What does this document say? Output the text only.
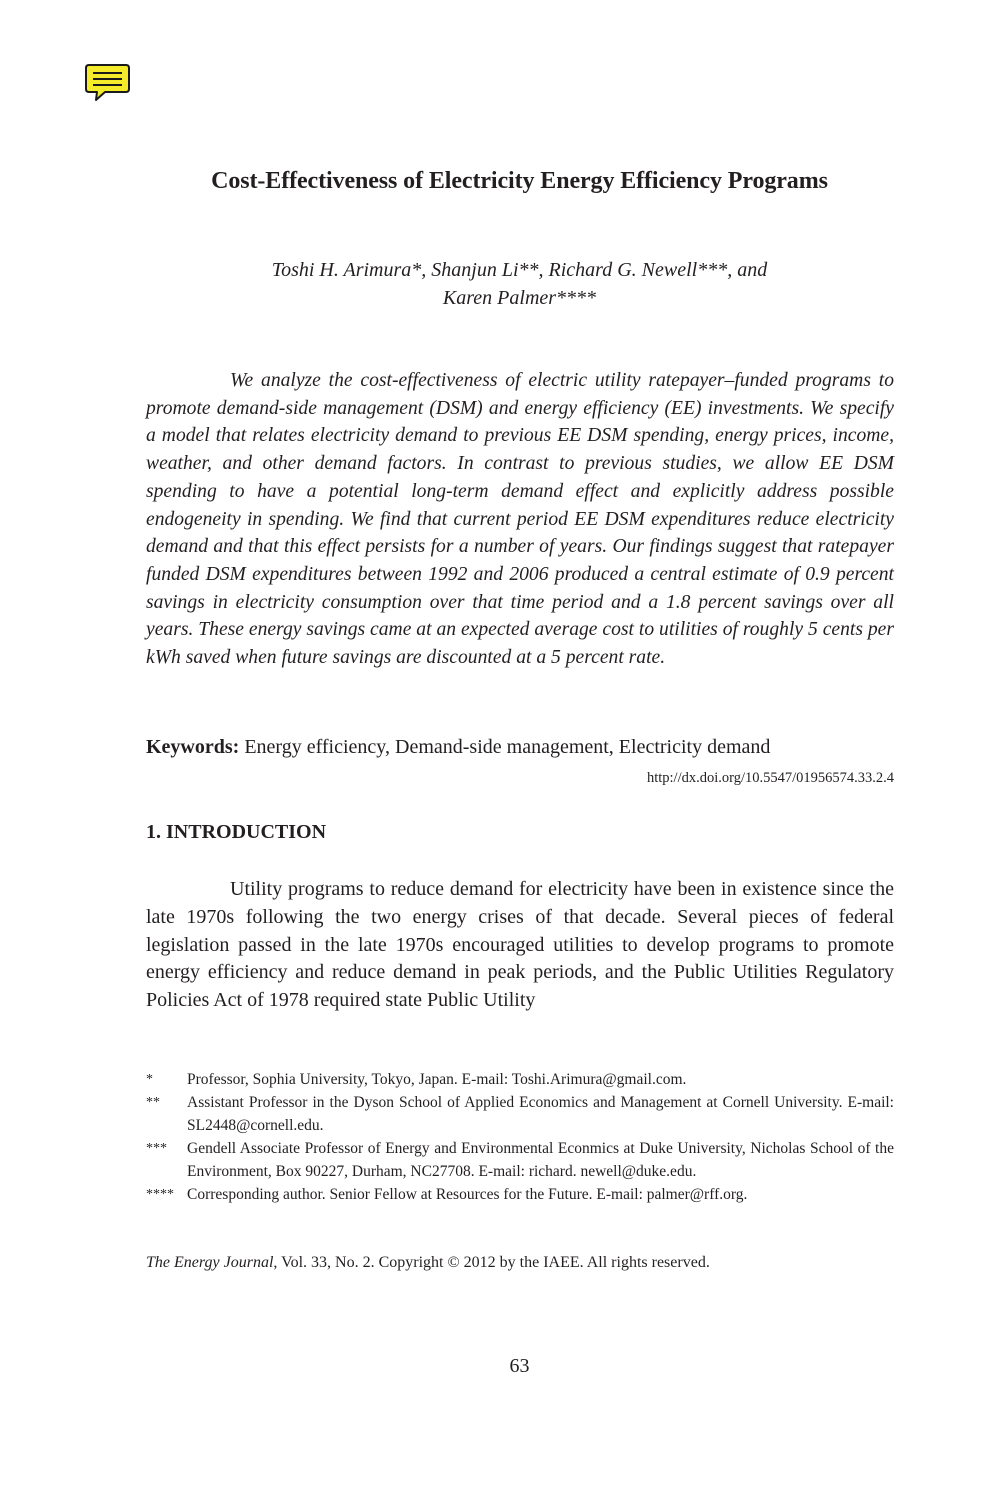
Cost-Effectiveness of Electricity Energy Efficiency Programs
Toshi H. Arimura*, Shanjun Li**, Richard G. Newell***, and
Karen Palmer****

We analyze the cost-effectiveness of electric utility ratepayer–funded programs to promote demand-side management (DSM) and energy efficiency (EE) investments. We specify a model that relates electricity demand to previous EE DSM spending, energy prices, income, weather, and other demand factors. In contrast to previous studies, we allow EE DSM spending to have a potential long-term demand effect and explicitly address possible endogeneity in spending. We find that current period EE DSM expenditures reduce electricity demand and that this effect persists for a number of years. Our findings suggest that ratepayer funded DSM expenditures between 1992 and 2006 produced a central estimate of 0.9 percent savings in electricity consumption over that time period and a 1.8 percent savings over all years. These energy savings came at an expected average cost to utilities of roughly 5 cents per kWh saved when future savings are discounted at a 5 percent rate.

Keywords: Energy efficiency, Demand-side management, Electricity demand
http://dx.doi.org/10.5547/01956574.33.2.4
1. INTRODUCTION

Utility programs to reduce demand for electricity have been in existence since the late 1970s following the two energy crises of that decade. Several pieces of federal legislation passed in the late 1970s encouraged utilities to develop programs to promote energy efficiency and reduce demand in peak periods, and the Public Utilities Regulatory Policies Act of 1978 required state Public Utility

*	Professor, Sophia University, Tokyo, Japan. E-mail: Toshi.Arimura@gmail.com.
**	Assistant Professor in the Dyson School of Applied Economics and Management at Cornell University. E-mail: SL2448@cornell.edu.
***	Gendell Associate Professor of Energy and Environmental Econmics at Duke University, Nicholas School of the Environment, Box 90227, Durham, NC27708. E-mail: richard. newell@duke.edu.
**** Corresponding author. Senior Fellow at Resources for the Future. E-mail: palmer@rff.org.
The Energy Journal, Vol. 33, No. 2. Copyright © 2012 by the IAEE. All rights reserved.
63
